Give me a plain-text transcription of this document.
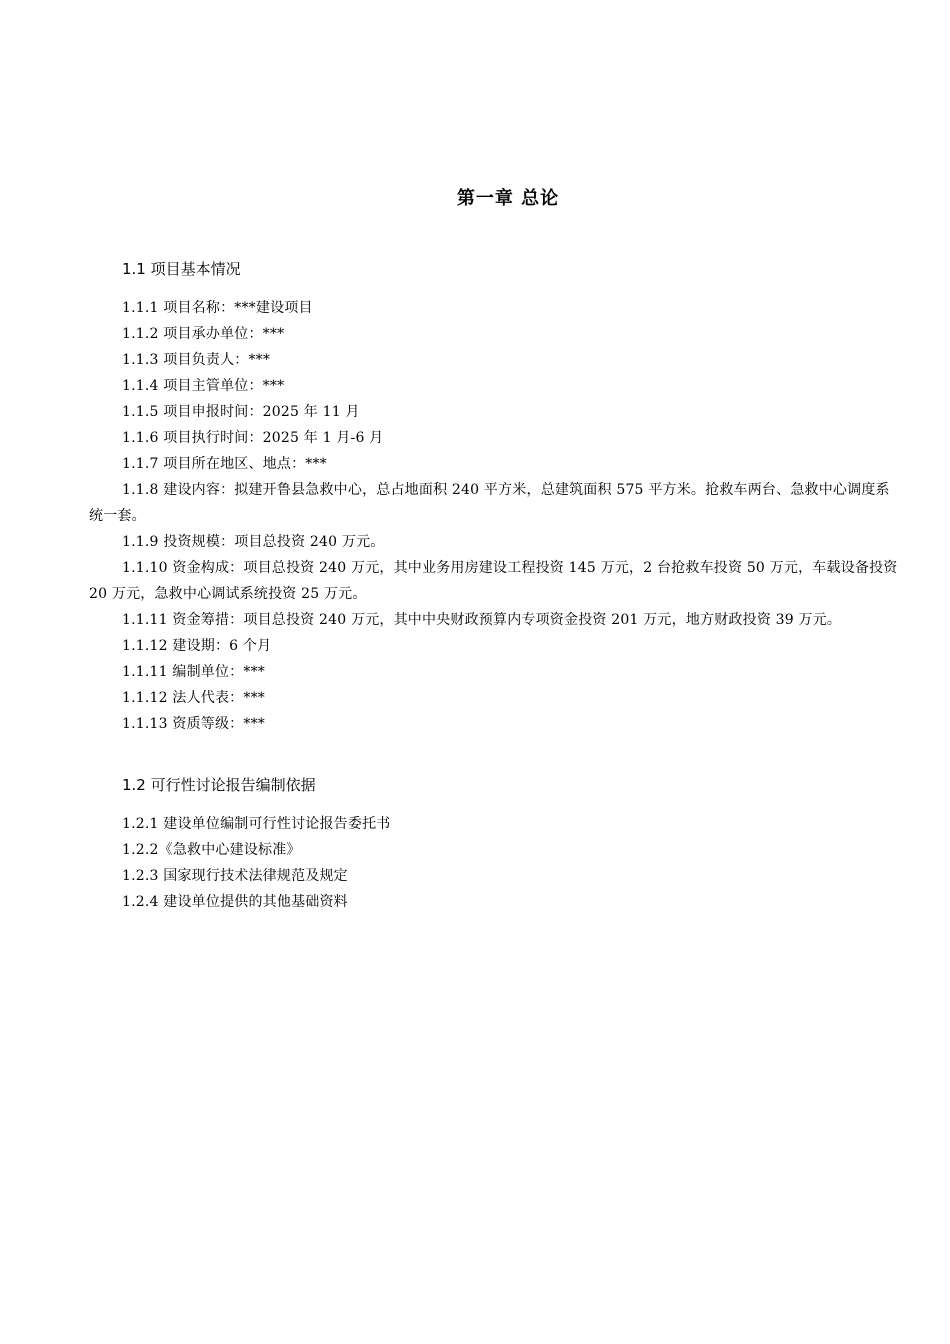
第一章 总论
1.1 项目基本情况
1.1.1 项目名称：***建设项目
1.1.2 项目承办单位：***
1.1.3 项目负责人：***
1.1.4 项目主管单位：***
1.1.5 项目申报时间：2025 年 11 月
1.1.6 项目执行时间：2025 年 1 月-6 月
1.1.7 项目所在地区、地点：***
1.1.8 建设内容：拟建开鲁县急救中心，总占地面积 240 平方米，总建筑面积 575 平方米。抢救车两台、急救中心调度系统一套。
1.1.9 投资规模：项目总投资 240 万元。
1.1.10 资金构成：项目总投资 240 万元，其中业务用房建设工程投资 145 万元，2 台抢救车投资 50 万元，车载设备投资 20 万元，急救中心调试系统投资 25 万元。
1.1.11 资金筹措：项目总投资 240 万元，其中中央财政预算内专项资金投资 201 万元，地方财政投资 39 万元。
1.1.12 建设期：6 个月
1.1.11 编制单位：***
1.1.12 法人代表：***
1.1.13 资质等级：***
1.2 可行性讨论报告编制依据
1.2.1 建设单位编制可行性讨论报告委托书
1.2.2《急救中心建设标准》
1.2.3 国家现行技术法律规范及规定
1.2.4 建设单位提供的其他基础资料
